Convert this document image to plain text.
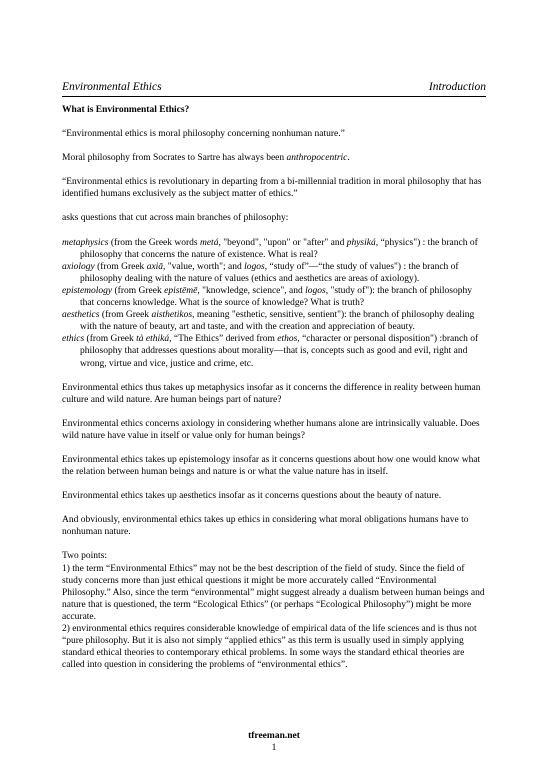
Environmental Ethics	Introduction
What is Environmental Ethics?

“Environmental ethics is moral philosophy concerning nonhuman nature.”

Moral philosophy from Socrates to Sartre has always been anthropocentric.

“Environmental ethics is revolutionary in departing from a bi-millennial tradition in moral philosophy that has identified humans exclusively as the subject matter of ethics.”

asks questions that cut across main branches of philosophy:

metaphysics (from the Greek words metá, "beyond", "upon" or "after" and physiká, “physics") : the branch of philosophy that concerns the nature of existence. What is real?
axiology (from Greek axiā, "value, worth"; and logos, “study of”—“the study of values") : the branch of philosophy dealing with the nature of values (ethics and aesthetics are areas of axiology).
epistemology (from Greek epistēmē, "knowledge, science", and logos, "study of"): the branch of philosophy that concerns knowledge. What is the source of knowledge? What is truth?
aesthetics (from Greek aisthetikos, meaning "esthetic, sensitive, sentient"): the branch of philosophy dealing with the nature of beauty, art and taste, and with the creation and appreciation of beauty.
ethics (from Greek tà ethiká, “The Ethics” derived from ethos, “character or personal disposition") :branch of philosophy that addresses questions about morality—that is, concepts such as good and evil, right and wrong, virtue and vice, justice and crime, etc.

Environmental ethics thus takes up metaphysics insofar as it concerns the difference in reality between human culture and wild nature. Are human beings part of nature?

Environmental ethics concerns axiology in considering whether humans alone are intrinsically valuable. Does wild nature have value in itself or value only for human beings?

Environmental ethics takes up epistemology insofar as it concerns questions about how one would know what the relation between human beings and nature is or what the value nature has in itself.

Environmental ethics takes up aesthetics insofar as it concerns questions about the beauty of nature.

And obviously, environmental ethics takes up ethics in considering what moral obligations humans have to nonhuman nature.

Two points:

1) the term “Environmental Ethics” may not be the best description of the field of study. Since the field of study concerns more than just ethical questions it might be more accurately called “Environmental Philosophy.” Also, since the term “environmental” might suggest already a dualism between human beings and nature that is questioned, the term “Ecological Ethics” (or perhaps “Ecological Philosophy”) might be more accurate.

2) environmental ethics requires considerable knowledge of empirical data of the life sciences and is thus not “pure philosophy. But it is also not simply “applied ethics” as this term is usually used in simply applying standard ethical theories to contemporary ethical problems. In some ways the standard ethical theories are called into question in considering the problems of “environmental ethics”.

tfreeman.net
1
